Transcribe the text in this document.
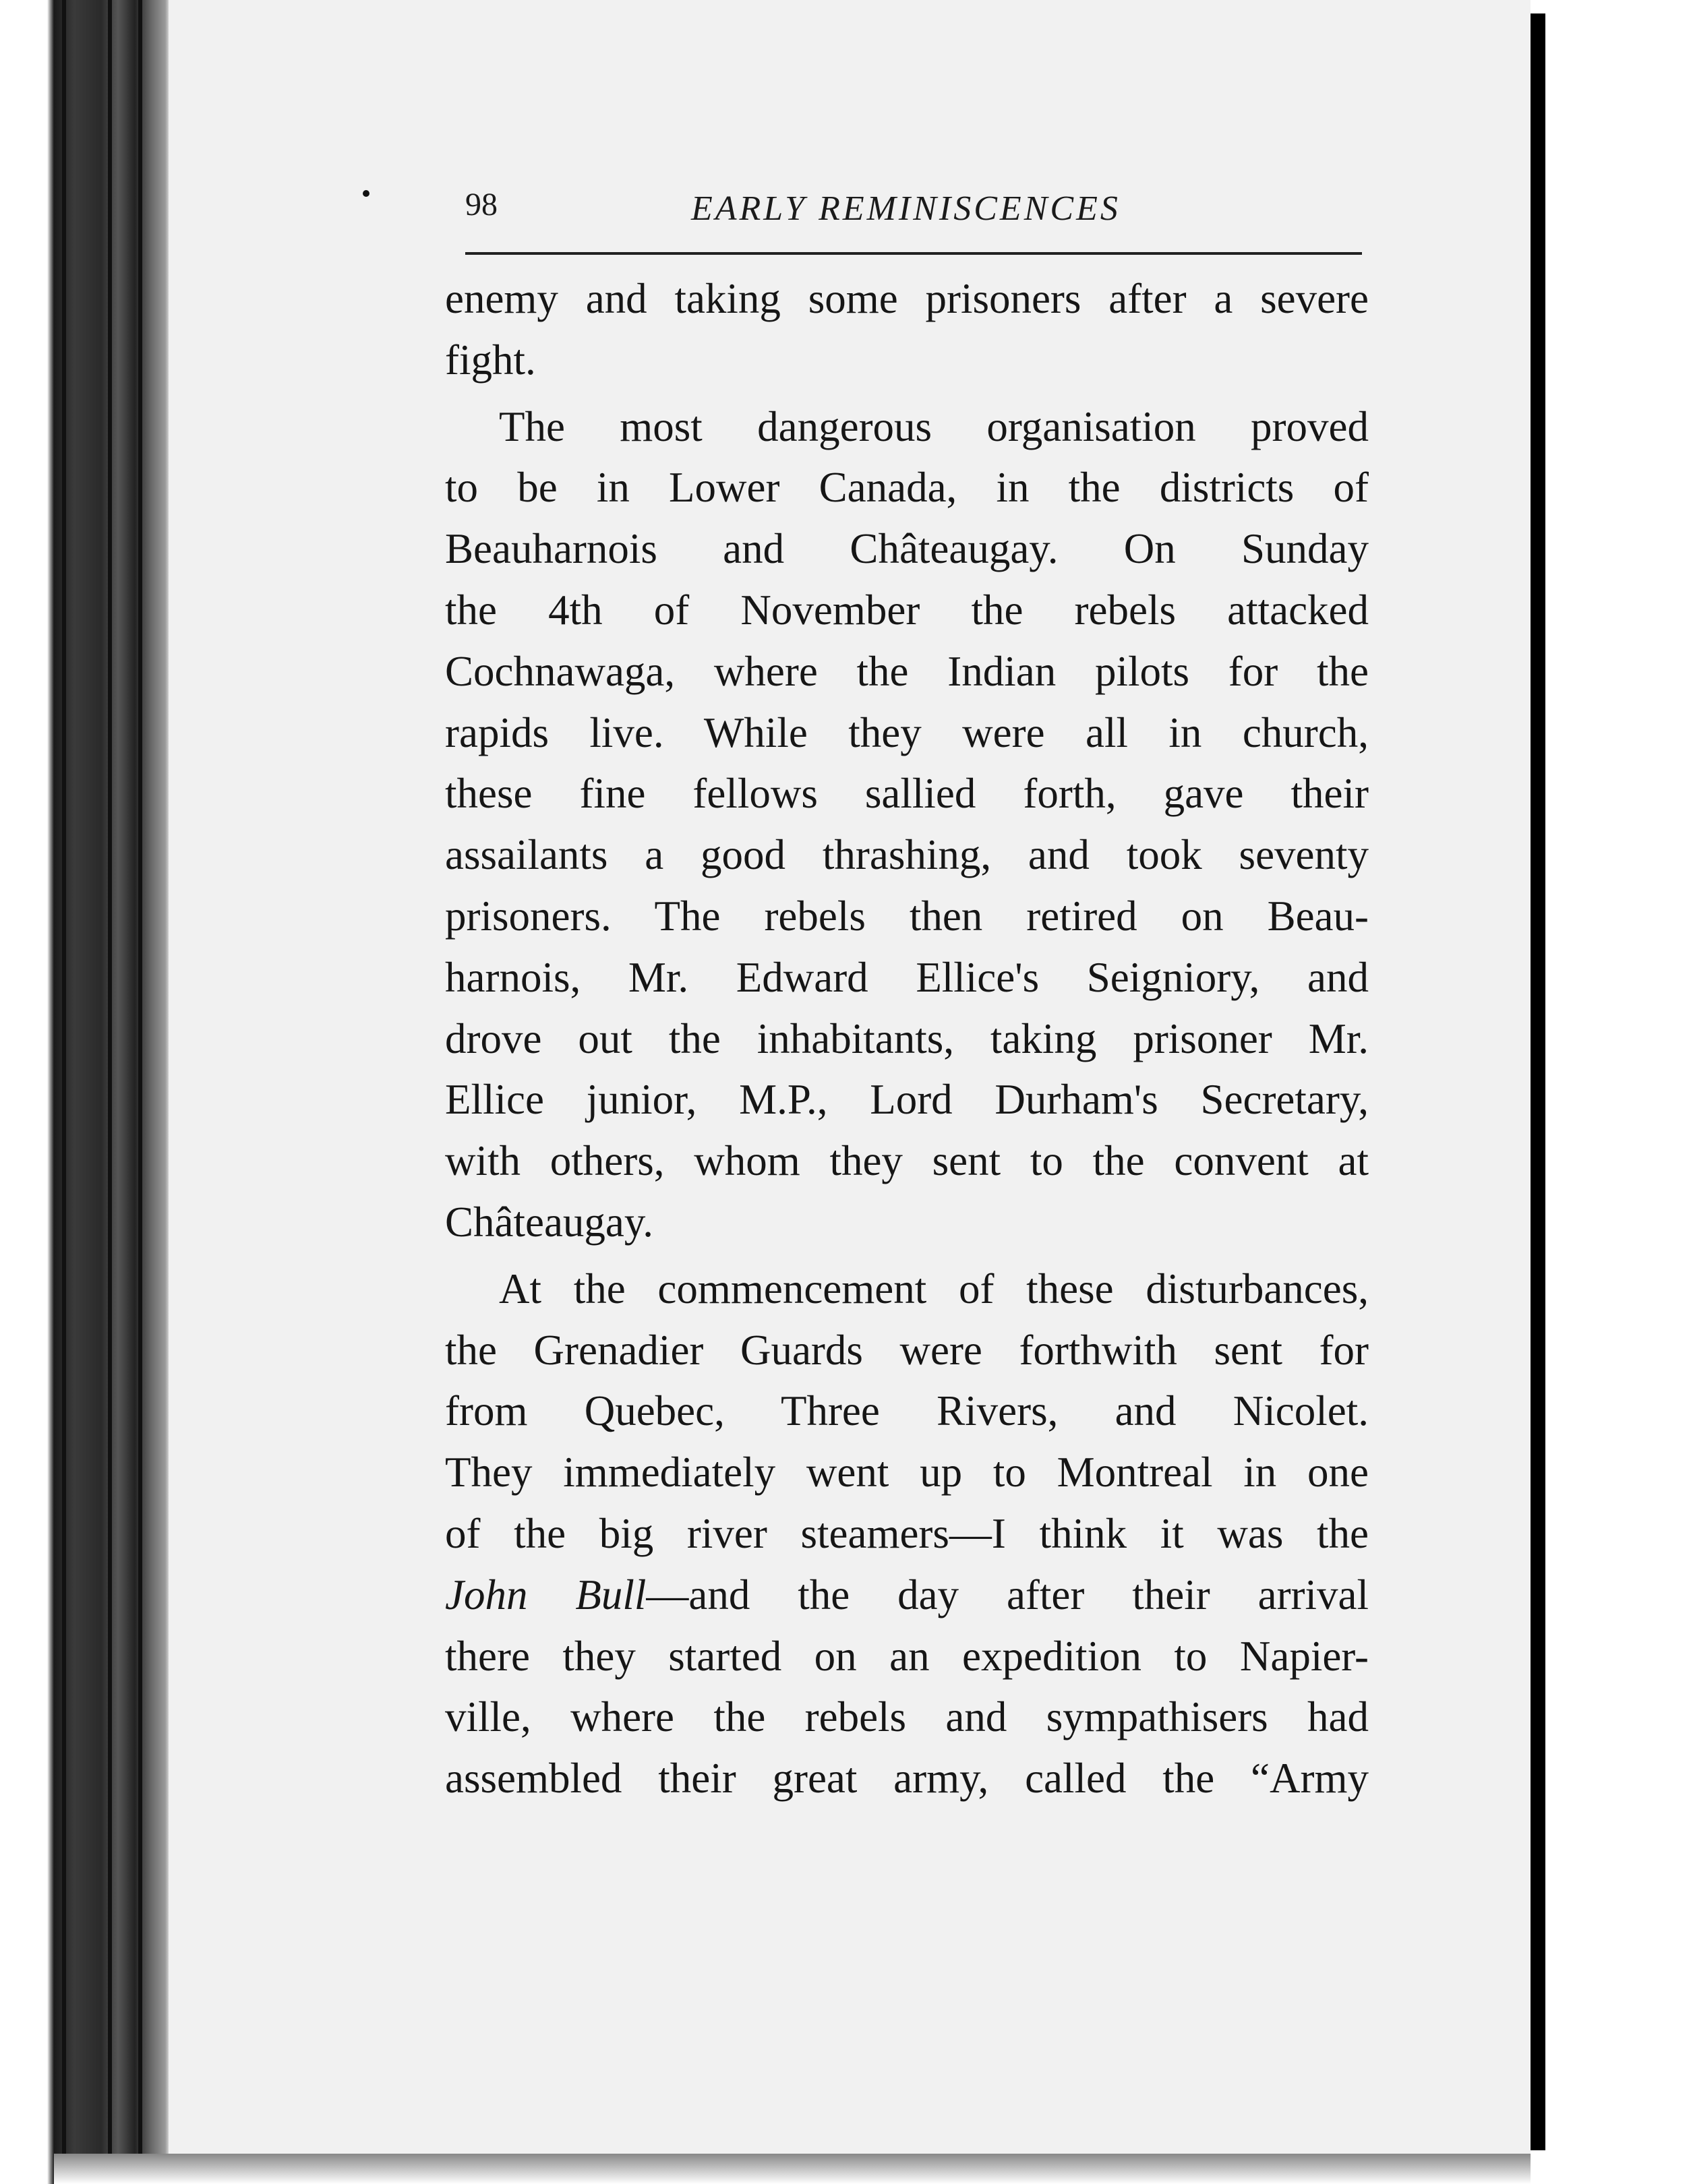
98	EARLY REMINISCENCES
enemy and taking some prisoners after a severe
fight.
The most dangerous organisation proved
to be in Lower Canada, in the districts of
Beauharnois and Châteaugay. On Sunday
the 4th of November the rebels attacked
Cochnawaga, where the Indian pilots for the
rapids live. While they were all in church,
these fine fellows sallied forth, gave their
assailants a good thrashing, and took seventy
prisoners. The rebels then retired on Beau-
harnois, Mr. Edward Ellice's Seigniory, and
drove out the inhabitants, taking prisoner Mr.
Ellice junior, M.P., Lord Durham's Secretary,
with others, whom they sent to the convent at
Châteaugay.
At the commencement of these disturbances,
the Grenadier Guards were forthwith sent for
from Quebec, Three Rivers, and Nicolet.
They immediately went up to Montreal in one
of the big river steamers—I think it was the
John Bull—and the day after their arrival
there they started on an expedition to Napier-
ville, where the rebels and sympathisers had
assembled their great army, called the “Army
